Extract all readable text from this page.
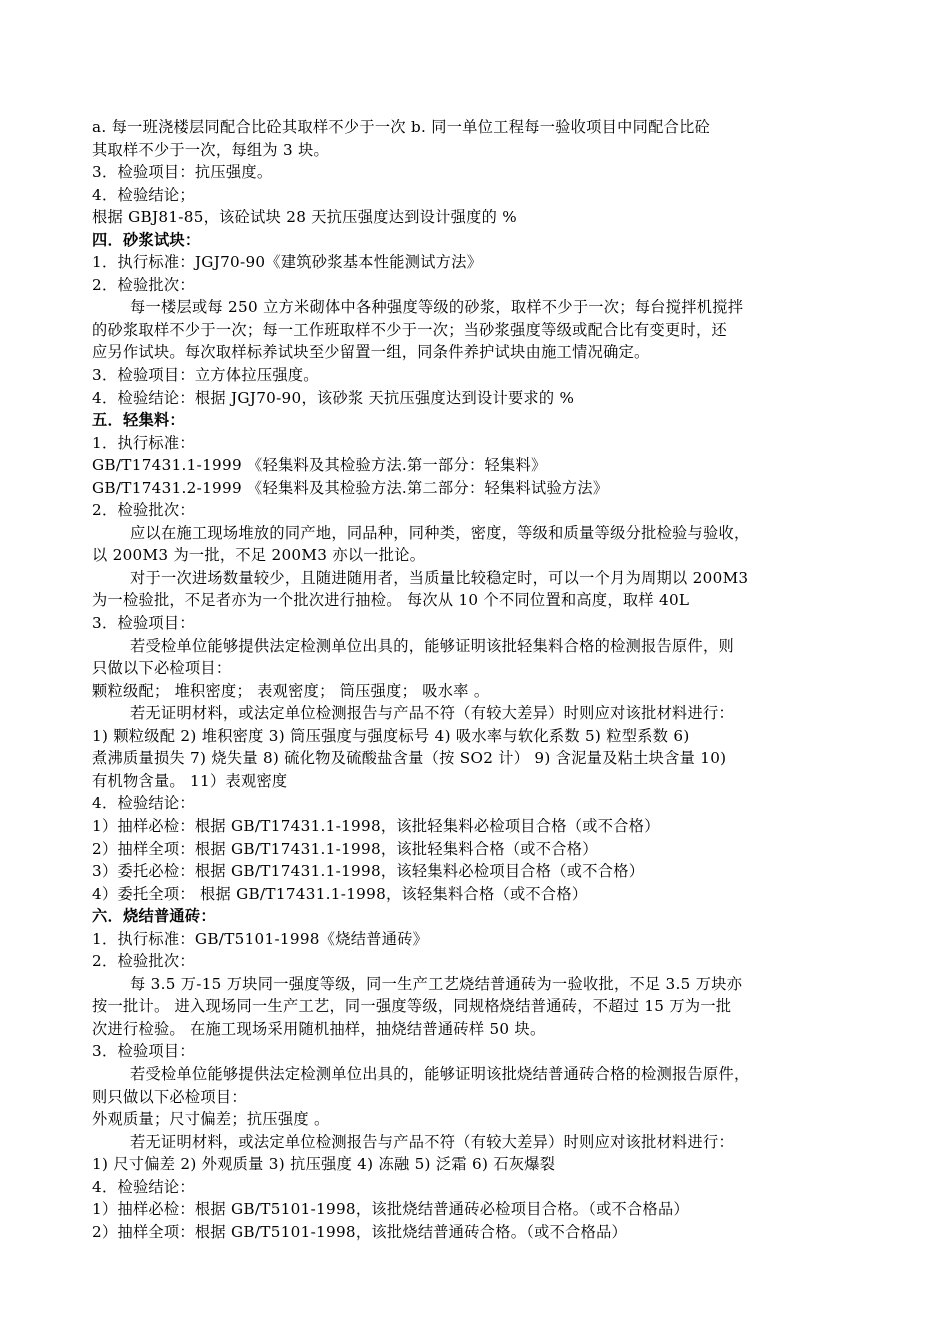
a. 每一班浇楼层同配合比砼其取样不少于一次 b. 同一单位工程每一验收项目中同配合比砼
其取样不少于一次，每组为 3 块。
3．检验项目：抗压强度。
4．检验结论；
根据 GBJ81-85，该砼试块 28 天抗压强度达到设计强度的 %
四．砂浆试块：
1．执行标准：JGJ70-90《建筑砂浆基本性能测试方法》
2．检验批次：
每一楼层或每 250 立方米砌体中各种强度等级的砂浆，取样不少于一次；每台搅拌机搅拌
的砂浆取样不少于一次；每一工作班取样不少于一次；当砂浆强度等级或配合比有变更时，还
应另作试块。每次取样标养试块至少留置一组，同条件养护试块由施工情况确定。
3．检验项目：立方体拉压强度。
4．检验结论：根据 JGJ70-90，该砂浆 天抗压强度达到设计要求的 %
五．轻集料：
1．执行标准：
GB/T17431.1-1999 《轻集料及其检验方法.第一部分：轻集料》
GB/T17431.2-1999 《轻集料及其检验方法.第二部分：轻集料试验方法》
2．检验批次：
应以在施工现场堆放的同产地，同品种，同种类，密度，等级和质量等级分批检验与验收，
以 200M3 为一批，不足 200M3 亦以一批论。
对于一次进场数量较少，且随进随用者，当质量比较稳定时，可以一个月为周期以 200M3
为一检验批，不足者亦为一个批次进行抽检。 每次从 10 个不同位置和高度，取样 40L
3．检验项目：
若受检单位能够提供法定检测单位出具的，能够证明该批轻集料合格的检测报告原件，则
只做以下必检项目：
颗粒级配； 堆积密度； 表观密度； 筒压强度； 吸水率 。
若无证明材料，或法定单位检测报告与产品不符（有较大差异）时则应对该批材料进行：
1) 颗粒级配 2) 堆积密度 3) 筒压强度与强度标号 4) 吸水率与软化系数 5) 粒型系数 6)
煮沸质量损失 7) 烧失量 8) 硫化物及硫酸盐含量（按 SO2 计） 9) 含泥量及粘土块含量 10)
有机物含量。 11）表观密度
4．检验结论：
1）抽样必检：根据 GB/T17431.1-1998，该批轻集料必检项目合格（或不合格）
2）抽样全项：根据 GB/T17431.1-1998，该批轻集料合格（或不合格）
3）委托必检：根据 GB/T17431.1-1998，该轻集料必检项目合格（或不合格）
4）委托全项： 根据 GB/T17431.1-1998，该轻集料合格（或不合格）
六．烧结普通砖：
1．执行标准：GB/T5101-1998《烧结普通砖》
2．检验批次：
每 3.5 万-15 万块同一强度等级，同一生产工艺烧结普通砖为一验收批，不足 3.5 万块亦
按一批计。 进入现场同一生产工艺，同一强度等级，同规格烧结普通砖，不超过 15 万为一批
次进行检验。 在施工现场采用随机抽样，抽烧结普通砖样 50 块。
3．检验项目：
若受检单位能够提供法定检测单位出具的，能够证明该批烧结普通砖合格的检测报告原件，
则只做以下必检项目：
外观质量；尺寸偏差；抗压强度 。
若无证明材料，或法定单位检测报告与产品不符（有较大差异）时则应对该批材料进行：
1) 尺寸偏差 2) 外观质量 3) 抗压强度 4) 冻融 5) 泛霜 6) 石灰爆裂
4．检验结论：
1）抽样必检：根据 GB/T5101-1998，该批烧结普通砖必检项目合格。（或不合格品）
2）抽样全项：根据 GB/T5101-1998，该批烧结普通砖合格。（或不合格品）
